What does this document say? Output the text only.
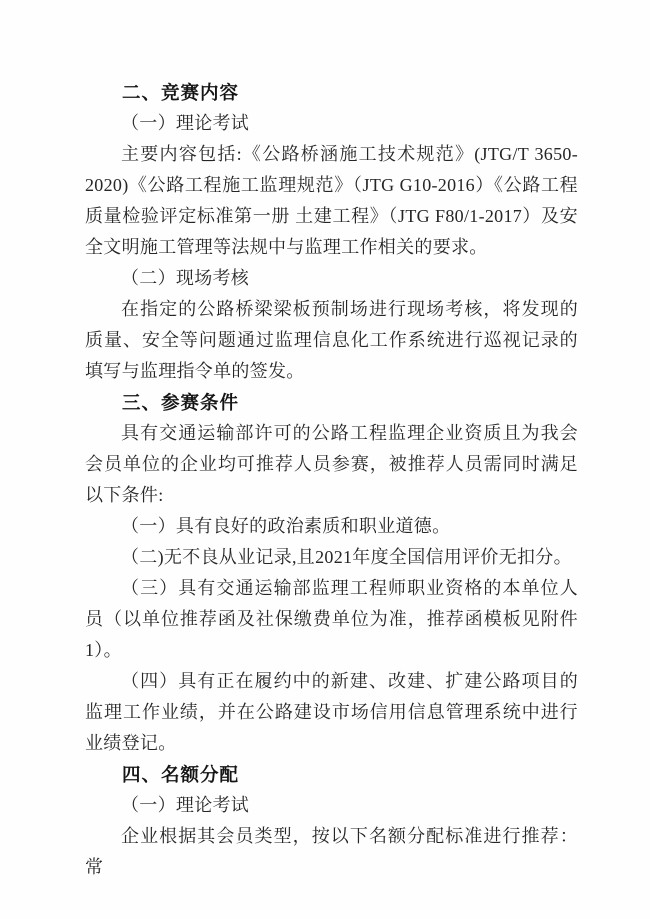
二、竞赛内容
（一）理论考试
主要内容包括:《公路桥涵施工技术规范》(JTG/T 3650-2020)《公路工程施工监理规范》（JTG G10-2016）《公路工程质量检验评定标准第一册 土建工程》（JTG F80/1-2017）及安全文明施工管理等法规中与监理工作相关的要求。
（二）现场考核
在指定的公路桥梁梁板预制场进行现场考核，将发现的质量、安全等问题通过监理信息化工作系统进行巡视记录的填写与监理指令单的签发。
三、参赛条件
具有交通运输部许可的公路工程监理企业资质且为我会会员单位的企业均可推荐人员参赛，被推荐人员需同时满足以下条件:
（一）具有良好的政治素质和职业道德。
（二)无不良从业记录,且2021年度全国信用评价无扣分。
（三）具有交通运输部监理工程师职业资格的本单位人员（以单位推荐函及社保缴费单位为准，推荐函模板见附件 1）。
（四）具有正在履约中的新建、改建、扩建公路项目的监理工作业绩，并在公路建设市场信用信息管理系统中进行业绩登记。
四、名额分配
（一）理论考试
企业根据其会员类型，按以下名额分配标准进行推荐：常
